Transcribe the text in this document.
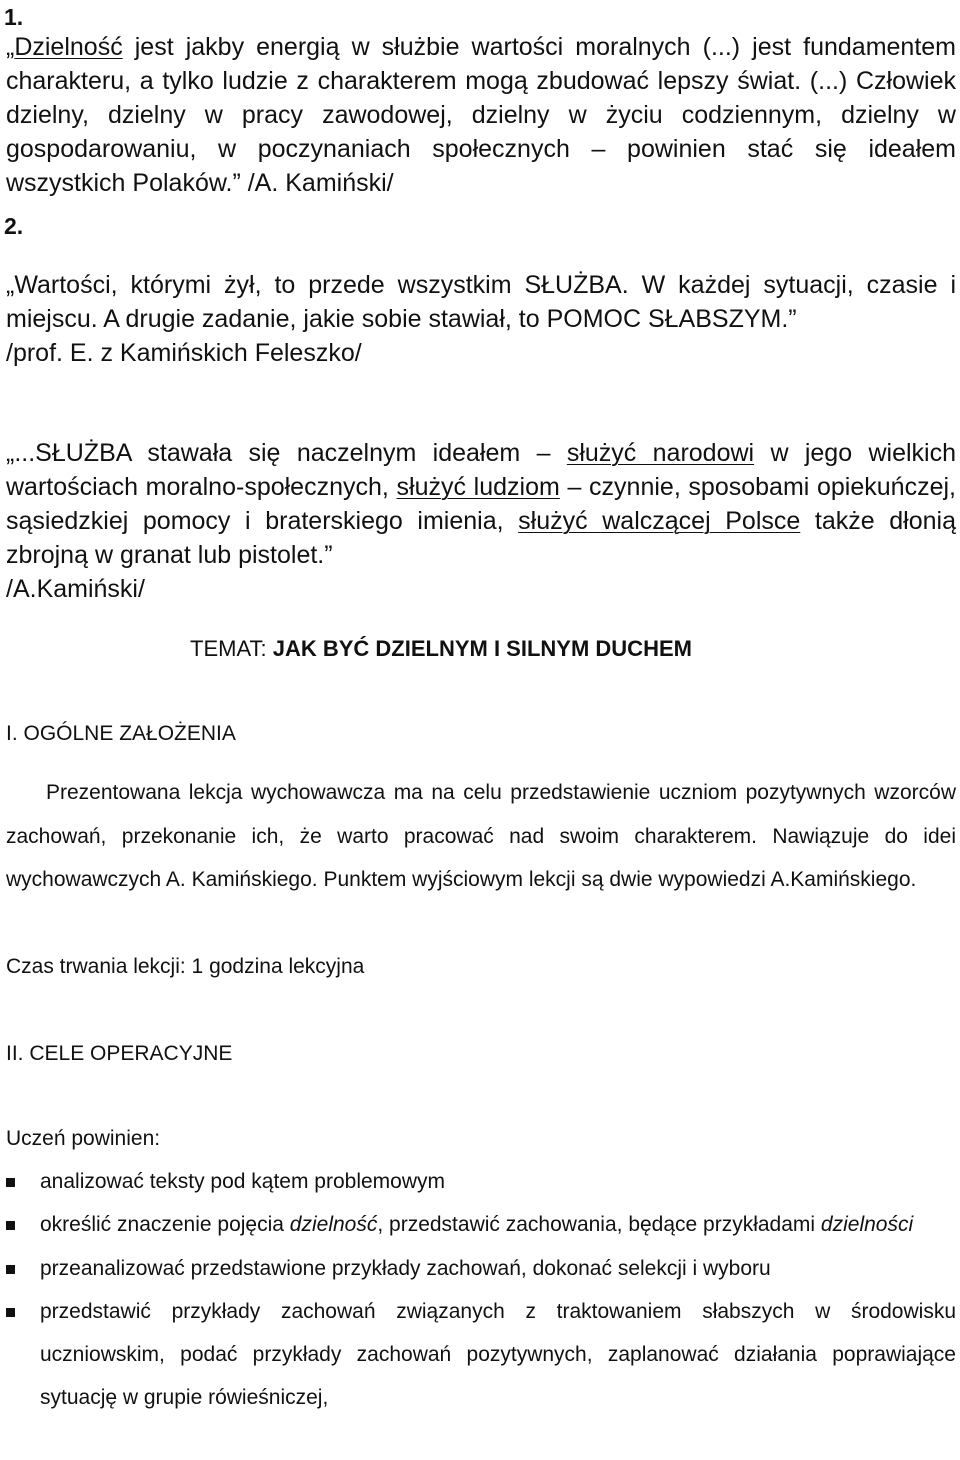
1.
„Dzielność jest jakby energią w służbie wartości moralnych (...) jest fundamentem charakteru, a tylko ludzie z charakterem mogą zbudować lepszy świat. (...) Człowiek dzielny, dzielny w pracy zawodowej, dzielny w życiu codziennym, dzielny w gospodarowaniu, w poczynaniach społecznych – powinien stać się ideałem wszystkich Polaków.” /A. Kamiński/
2.
„Wartości, którymi żył, to przede wszystkim SŁUŻBA. W każdej sytuacji, czasie i miejscu. A drugie zadanie, jakie sobie stawiał, to POMOC SŁABSZYM.”
/prof. E. z Kamińskich Feleszko/
„...SŁUŻBA stawała się naczelnym ideałem – służyć narodowi w jego wielkich wartościach moralno-społecznych, służyć ludziom – czynnie, sposobami opiekuńczej, sąsiedzkiej pomocy i braterskiego imienia, służyć walczącej Polsce także dłonią zbrojną w granat lub pistolet.”
/A.Kamiński/
TEMAT: JAK BYĆ DZIELNYM I SILNYM DUCHEM
I. OGÓLNE ZAŁOŻENIA
Prezentowana lekcja wychowawcza ma na celu przedstawienie uczniom pozytywnych wzorców zachowań, przekonanie ich, że warto pracować nad swoim charakterem. Nawiązuje do idei wychowawczych A. Kamińskiego. Punktem wyjściowym lekcji są dwie wypowiedzi A.Kamińskiego.
Czas trwania lekcji: 1 godzina lekcyjna
II. CELE OPERACYJNE
Uczeń powinien:
analizować teksty pod kątem problemowym
określić znaczenie pojęcia dzielność, przedstawić zachowania, będące przykładami dzielności
przeanalizować przedstawione przykłady zachowań, dokonać selekcji i wyboru
przedstawić przykłady zachowań związanych z traktowaniem słabszych w środowisku uczniowskim, podać przykłady zachowań pozytywnych, zaplanować działania poprawiające sytuację w grupie rówieśniczej,
